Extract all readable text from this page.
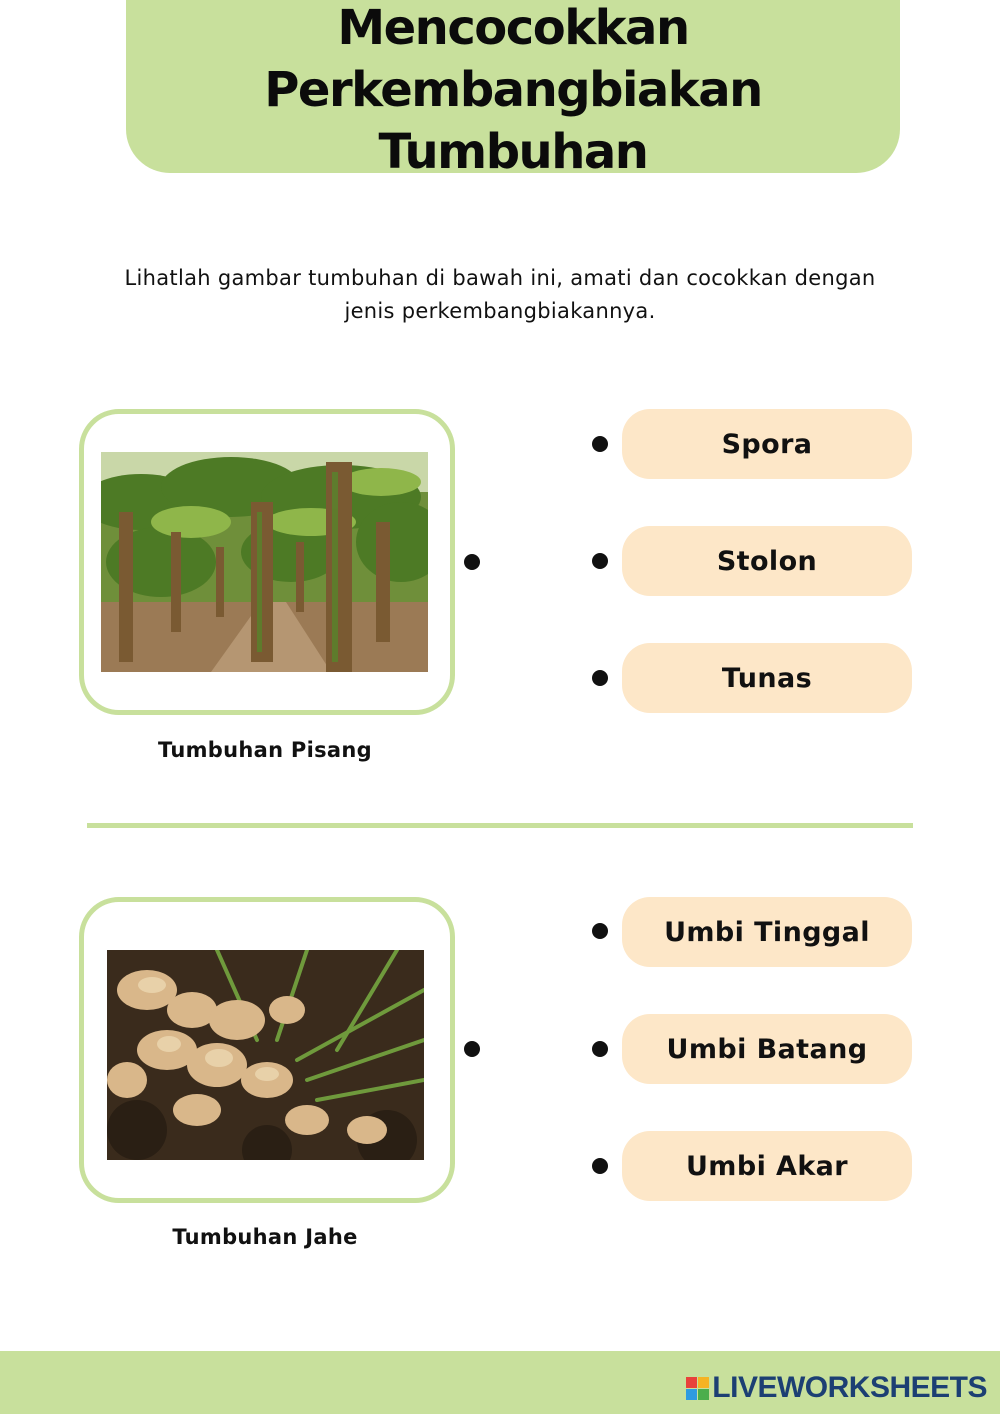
Mencocokkan Perkembangbiakan Tumbuhan
Lihatlah gambar tumbuhan di bawah ini, amati dan cocokkan dengan jenis perkembangbiakannya.
Tumbuhan Pisang
Spora
Stolon
Tunas
Tumbuhan Jahe
Umbi Tinggal
Umbi Batang
Umbi Akar
LIVEWORKSHEETS
